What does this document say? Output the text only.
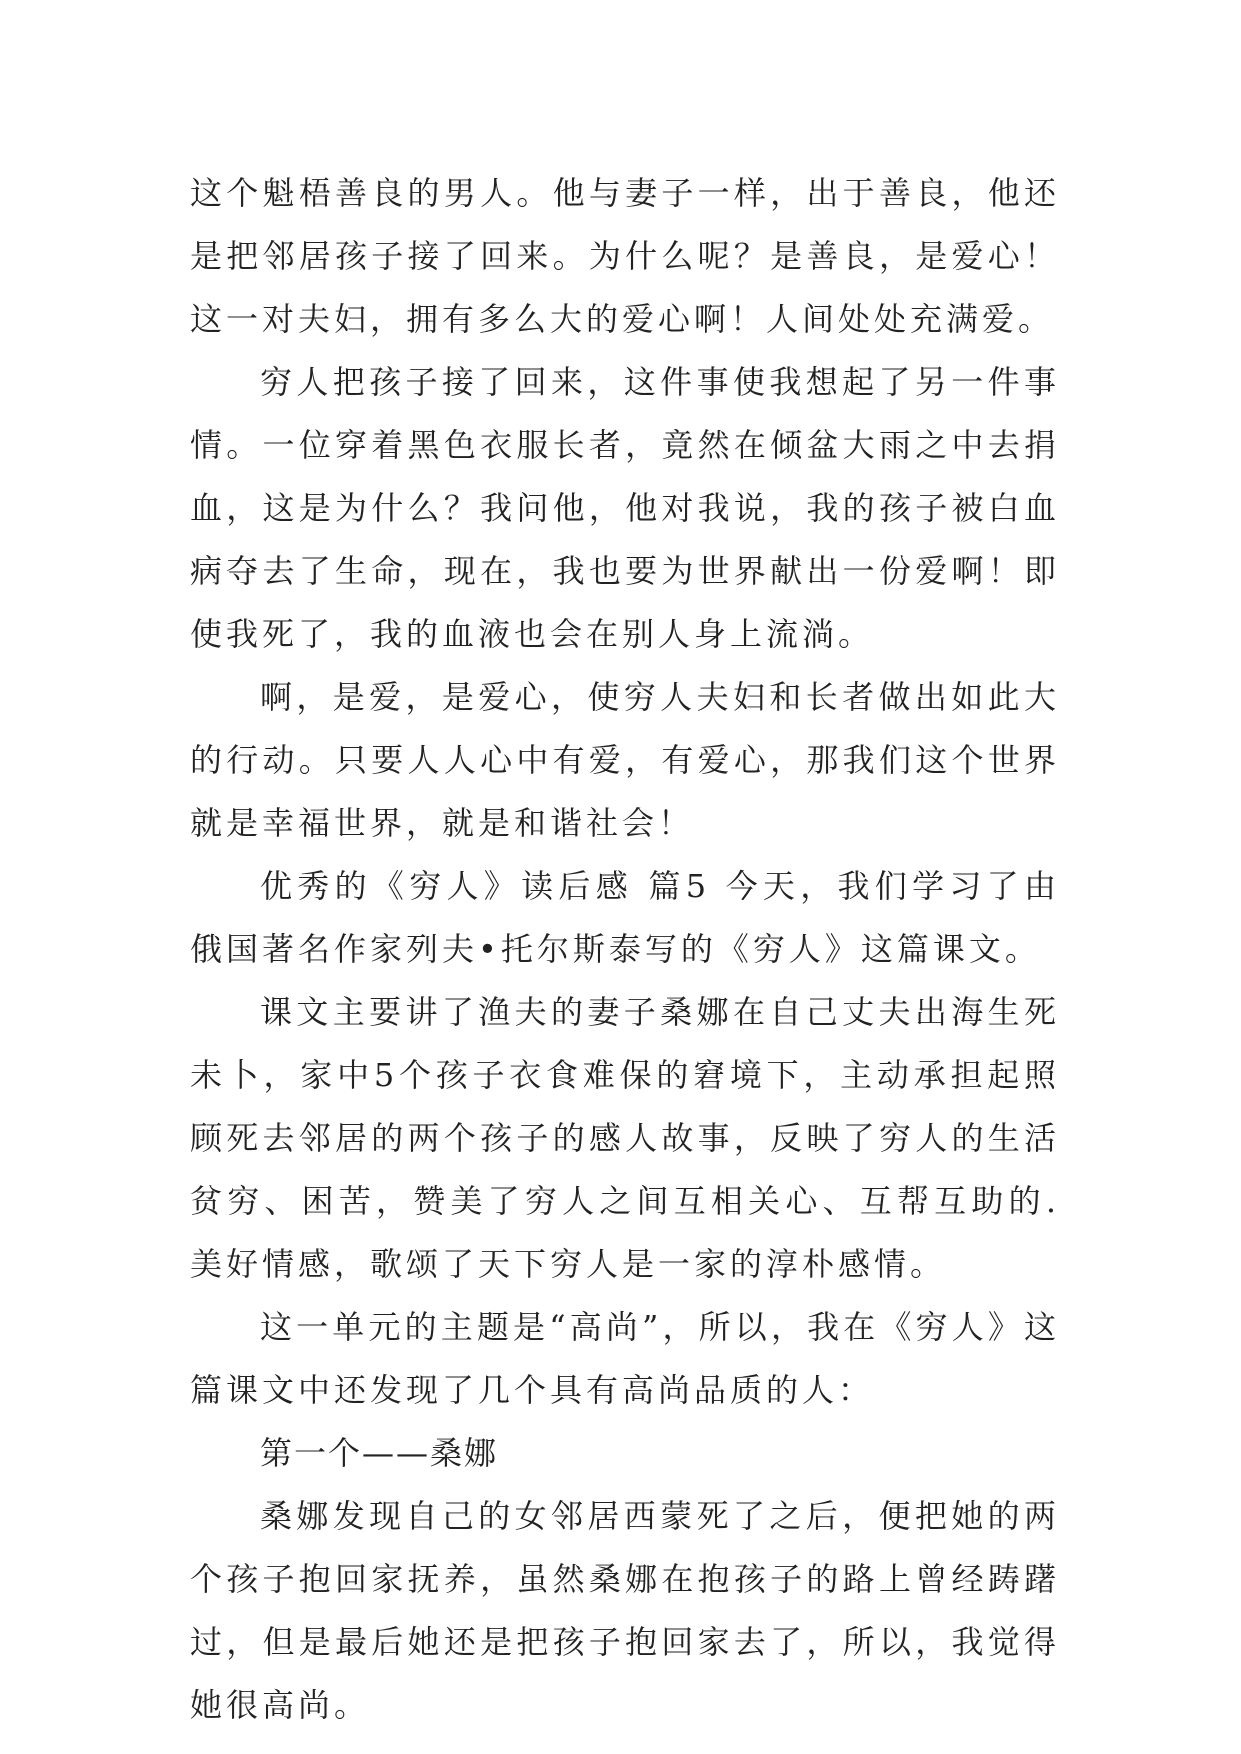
这个魁梧善良的男人。他与妻子一样，出于善良，他还是把邻居孩子接了回来。为什么呢？是善良，是爱心！这一对夫妇，拥有多么大的爱心啊！人间处处充满爱。

穷人把孩子接了回来，这件事使我想起了另一件事情。一位穿着黑色衣服长者，竟然在倾盆大雨之中去捐血，这是为什么？我问他，他对我说，我的孩子被白血病夺去了生命，现在，我也要为世界献出一份爱啊！即使我死了，我的血液也会在别人身上流淌。

啊，是爱，是爱心，使穷人夫妇和长者做出如此大的行动。只要人人心中有爱，有爱心，那我们这个世界就是幸福世界，就是和谐社会！

优秀的《穷人》读后感 篇5 今天，我们学习了由俄国著名作家列夫•托尔斯泰写的《穷人》这篇课文。

课文主要讲了渔夫的妻子桑娜在自己丈夫出海生死未卜，家中5个孩子衣食难保的窘境下，主动承担起照顾死去邻居的两个孩子的感人故事，反映了穷人的生活贫穷、困苦，赞美了穷人之间互相关心、互帮互助的.美好情感，歌颂了天下穷人是一家的淳朴感情。

这一单元的主题是“高尚”，所以，我在《穷人》这篇课文中还发现了几个具有高尚品质的人：

第一个——桑娜

桑娜发现自己的女邻居西蒙死了之后，便把她的两个孩子抱回家抚养，虽然桑娜在抱孩子的路上曾经踌躇过，但是最后她还是把孩子抱回家去了，所以，我觉得她很高尚。
